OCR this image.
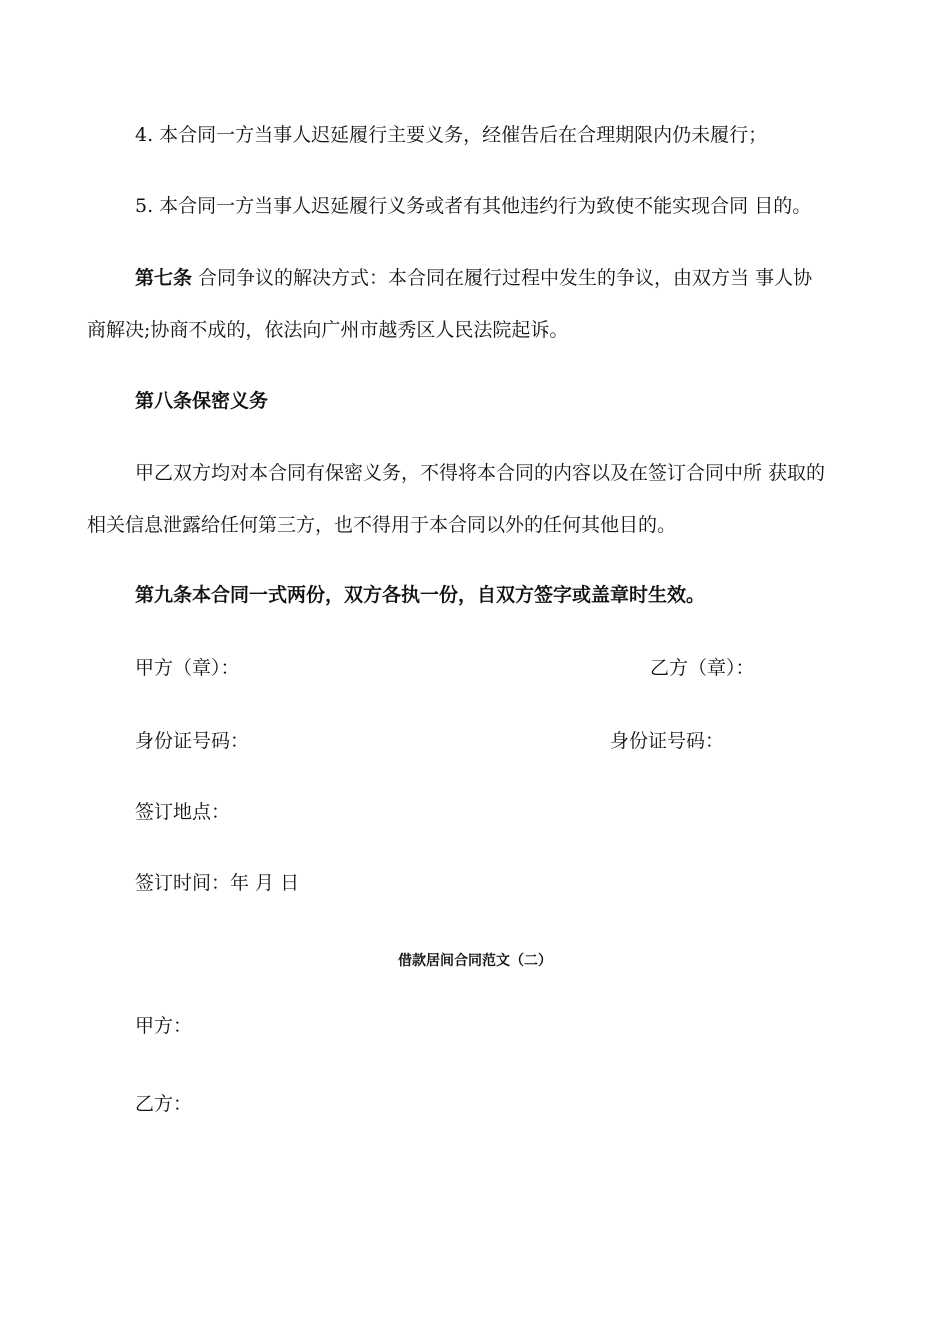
4. 本合同一方当事人迟延履行主要义务，经催告后在合理期限内仍未履行；
5. 本合同一方当事人迟延履行义务或者有其他违约行为致使不能实现合同 目的。
第七条 合同争议的解决方式：本合同在履行过程中发生的争议，由双方当 事人协
商解决;协商不成的，依法向广州市越秀区人民法院起诉。
第八条保密义务
甲乙双方均对本合同有保密义务，不得将本合同的内容以及在签订合同中所 获取的
相关信息泄露给任何第三方，也不得用于本合同以外的任何其他目的。
第九条本合同一式两份，双方各执一份，自双方签字或盖章时生效。
甲方（章）：	乙方（章）：
身份证号码：	身份证号码：
签订地点：
签订时间：年 月 日
借款居间合同范文（二）
甲方：
乙方：
